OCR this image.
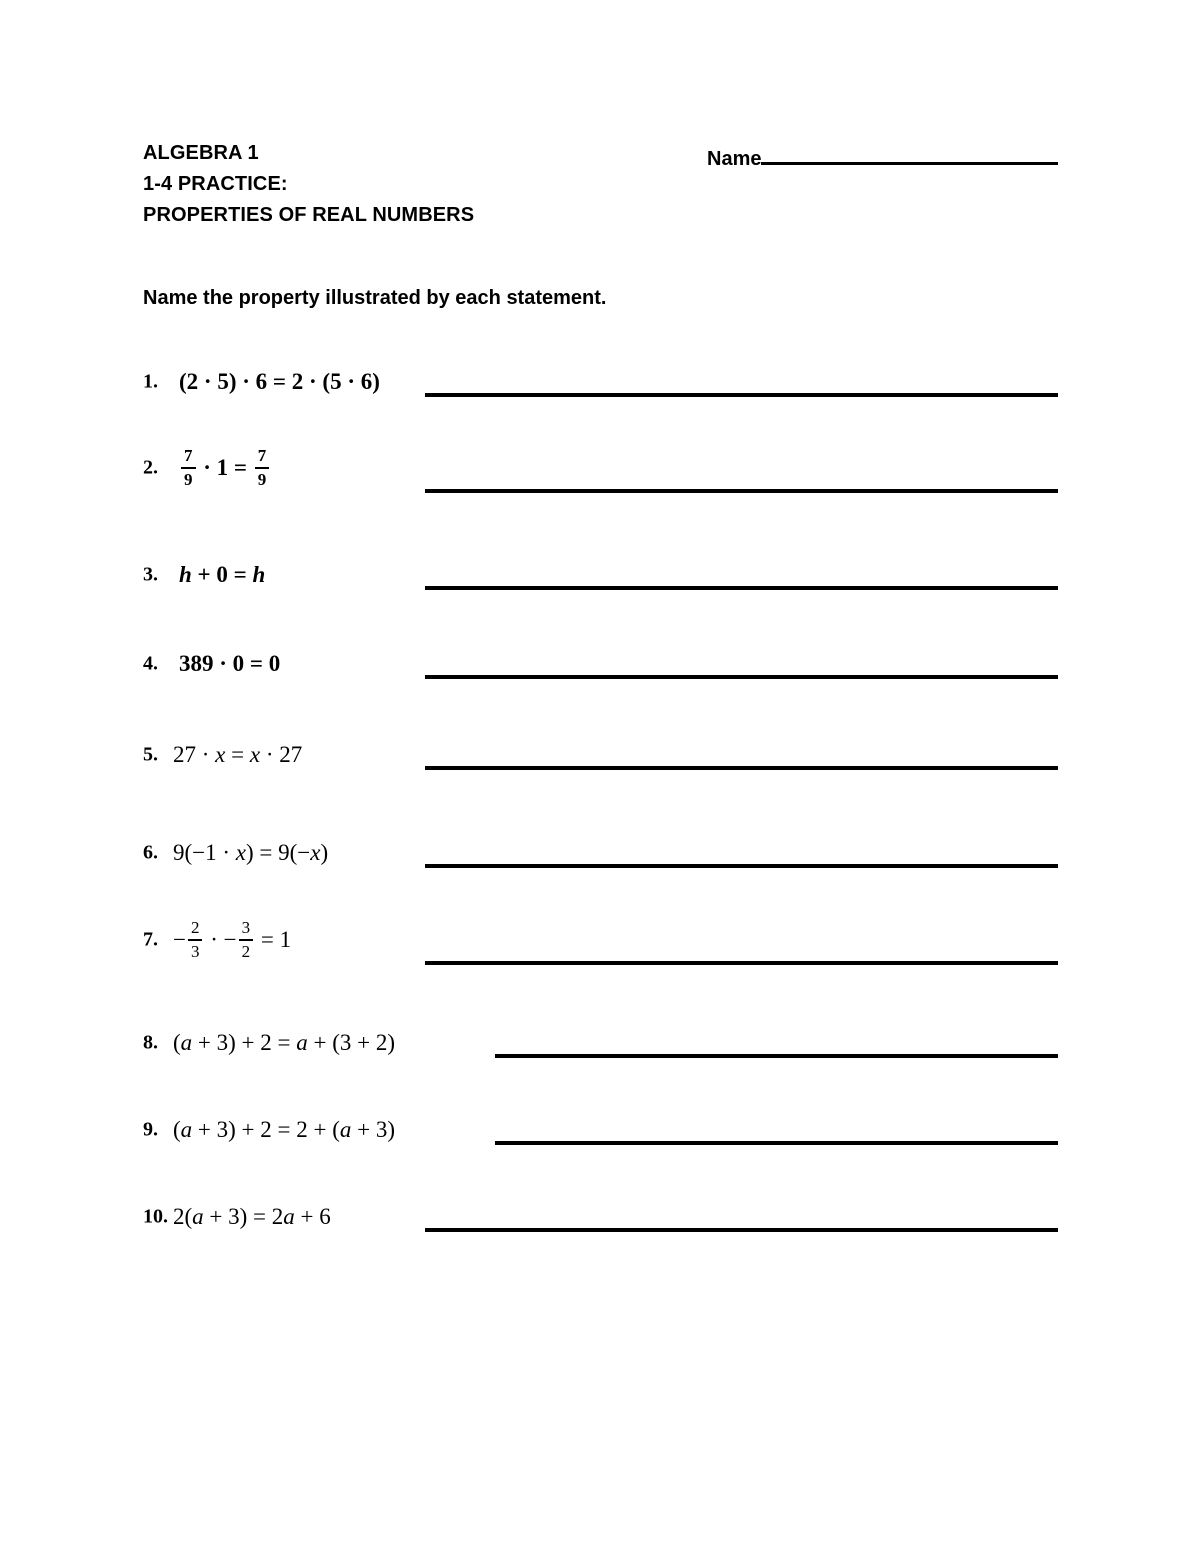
ALGEBRA 1
1-4 PRACTICE:
PROPERTIES OF REAL NUMBERS
Name
Name the property illustrated by each statement.
1. (2 · 5) · 6 = 2 · (5 · 6)
2. $\frac{7}{9} \cdot 1 = \frac{7}{9}$
3. h + 0 = h
4. 389 · 0 = 0
5. 27 · x = x · 27
6. 9(−1 · x ) = 9(− x )
7. − $\frac{2}{3}$ · − $\frac{3}{2} = 1$
8. ( a + 3) + 2 = a + (3 + 2)
9. ( a + 3) + 2 = 2 + ( a + 3)
10. 2( a + 3) = 2 a + 6
